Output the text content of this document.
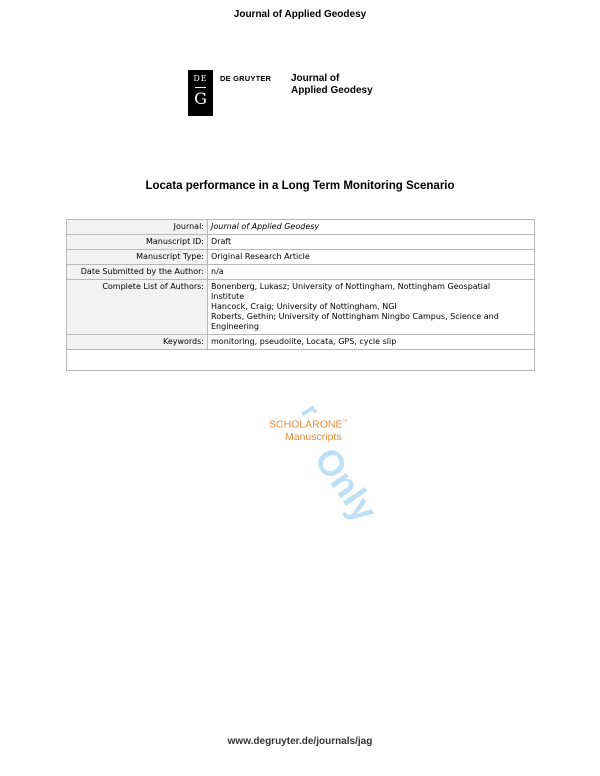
Journal of Applied Geodesy
DE
G
DE GRUYTER Journal of
Applied Geodesy
Locata performance in a Long Term Monitoring Scenario
Journal:	Journal of Applied Geodesy
Manuscript ID:	Draft
Manuscript Type:	Original Research Article
Date Submitted by the Author:	n/a
Complete List of Authors:	Bonenberg, Lukasz; University of Nottingham, Nottingham Geospatial
Institute
Hancock, Craig; University of Nottingham, NGI
Roberts, Gethin; University of Nottingham Ningbo Campus, Science and
Engineering

Keywords:	monitoring, pseudolite, Locata, GPS, cycle slip

r
Only
SCHOLARONE™
Manuscripts
www.degruyter.de/journals/jag
